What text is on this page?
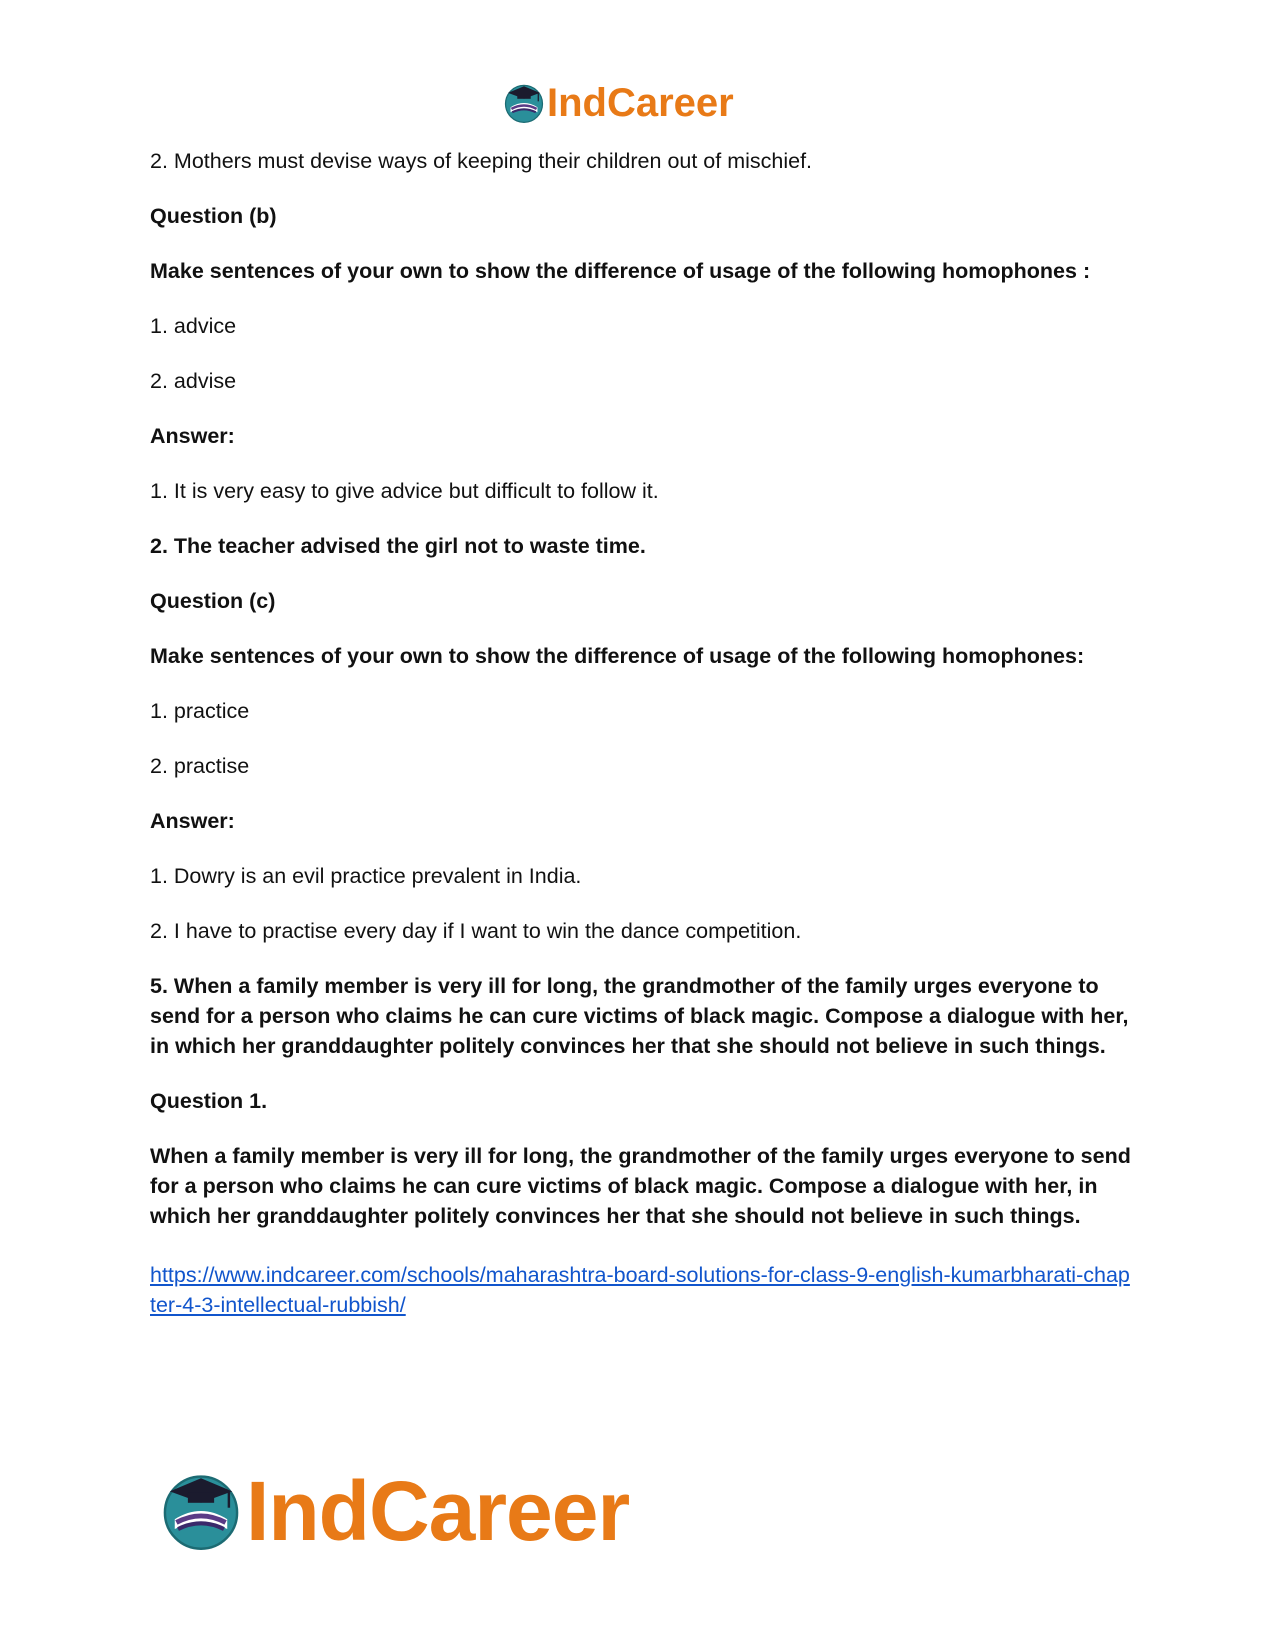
IndCareer

2. Mothers must devise ways of keeping their children out of mischief.

Question (b)

Make sentences of your own to show the difference of usage of the following homophones :

1. advice

2. advise

Answer:

1. It is very easy to give advice but difficult to follow it.

2. The teacher advised the girl not to waste time.

Question (c)

Make sentences of your own to show the difference of usage of the following homophones:

1. practice

2. practise

Answer:

1. Dowry is an evil practice prevalent in India.

2. I have to practise every day if I want to win the dance competition.

5. When a family member is very ill for long, the grandmother of the family urges everyone to send for a person who claims he can cure victims of black magic. Compose a dialogue with her, in which her granddaughter politely convinces her that she should not believe in such things.

Question 1.

When a family member is very ill for long, the grandmother of the family urges everyone to send for a person who claims he can cure victims of black magic. Compose a dialogue with her, in which her granddaughter politely convinces her that she should not believe in such things.

https://www.indcareer.com/schools/maharashtra-board-solutions-for-class-9-english-kumarbharati-chapter-4-3-intellectual-rubbish/
IndCareer
